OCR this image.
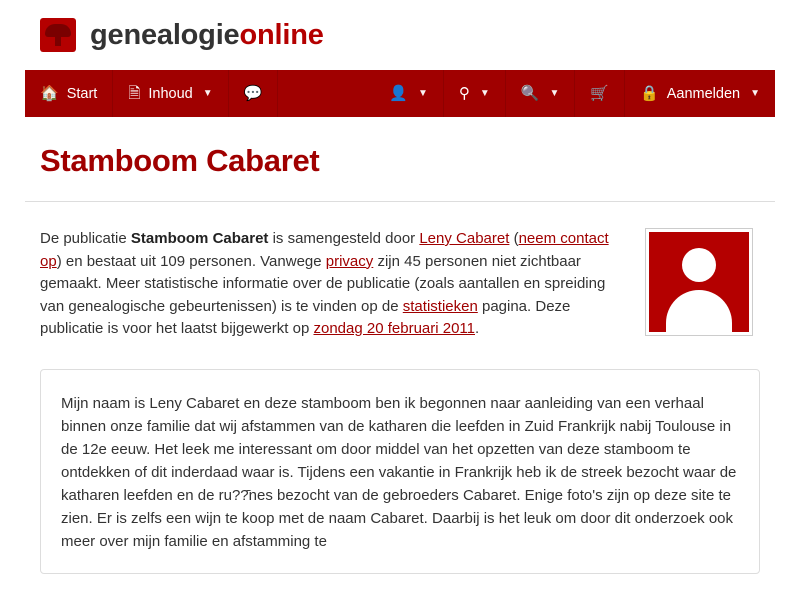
genealogieonline
🏠 Start 🗎 Inhoud ▼ 💬	👤 ▼ ⚲ ▼ 🔍 ▼ 🛒 🔒 Aanmelden ▼
Stamboom Cabaret
De publicatie Stamboom Cabaret is samengesteld door Leny Cabaret (neem contact op) en bestaat uit 109 personen. Vanwege privacy zijn 45 personen niet zichtbaar gemaakt. Meer statistische informatie over de publicatie (zoals aantallen en spreiding van genealogische gebeurtenissen) is te vinden op de statistieken pagina. Deze publicatie is voor het laatst bijgewerkt op zondag 20 februari 2011.
Mijn naam is Leny Cabaret en deze stamboom ben ik begonnen naar aanleiding van een verhaal binnen onze familie dat wij afstammen van de katharen die leefden in Zuid Frankrijk nabij Toulouse in de 12e eeuw. Het leek me interessant om door middel van het opzetten van deze stamboom te ontdekken of dit inderdaad waar is. Tijdens een vakantie in Frankrijk heb ik de streek bezocht waar de katharen leefden en de ru??̄nes bezocht van de gebroeders Cabaret. Enige foto's zijn op deze site te zien. Er is zelfs een wijn te koop met de naam Cabaret. Daarbij is het leuk om door dit onderzoek ook meer over mijn familie en afstamming te
